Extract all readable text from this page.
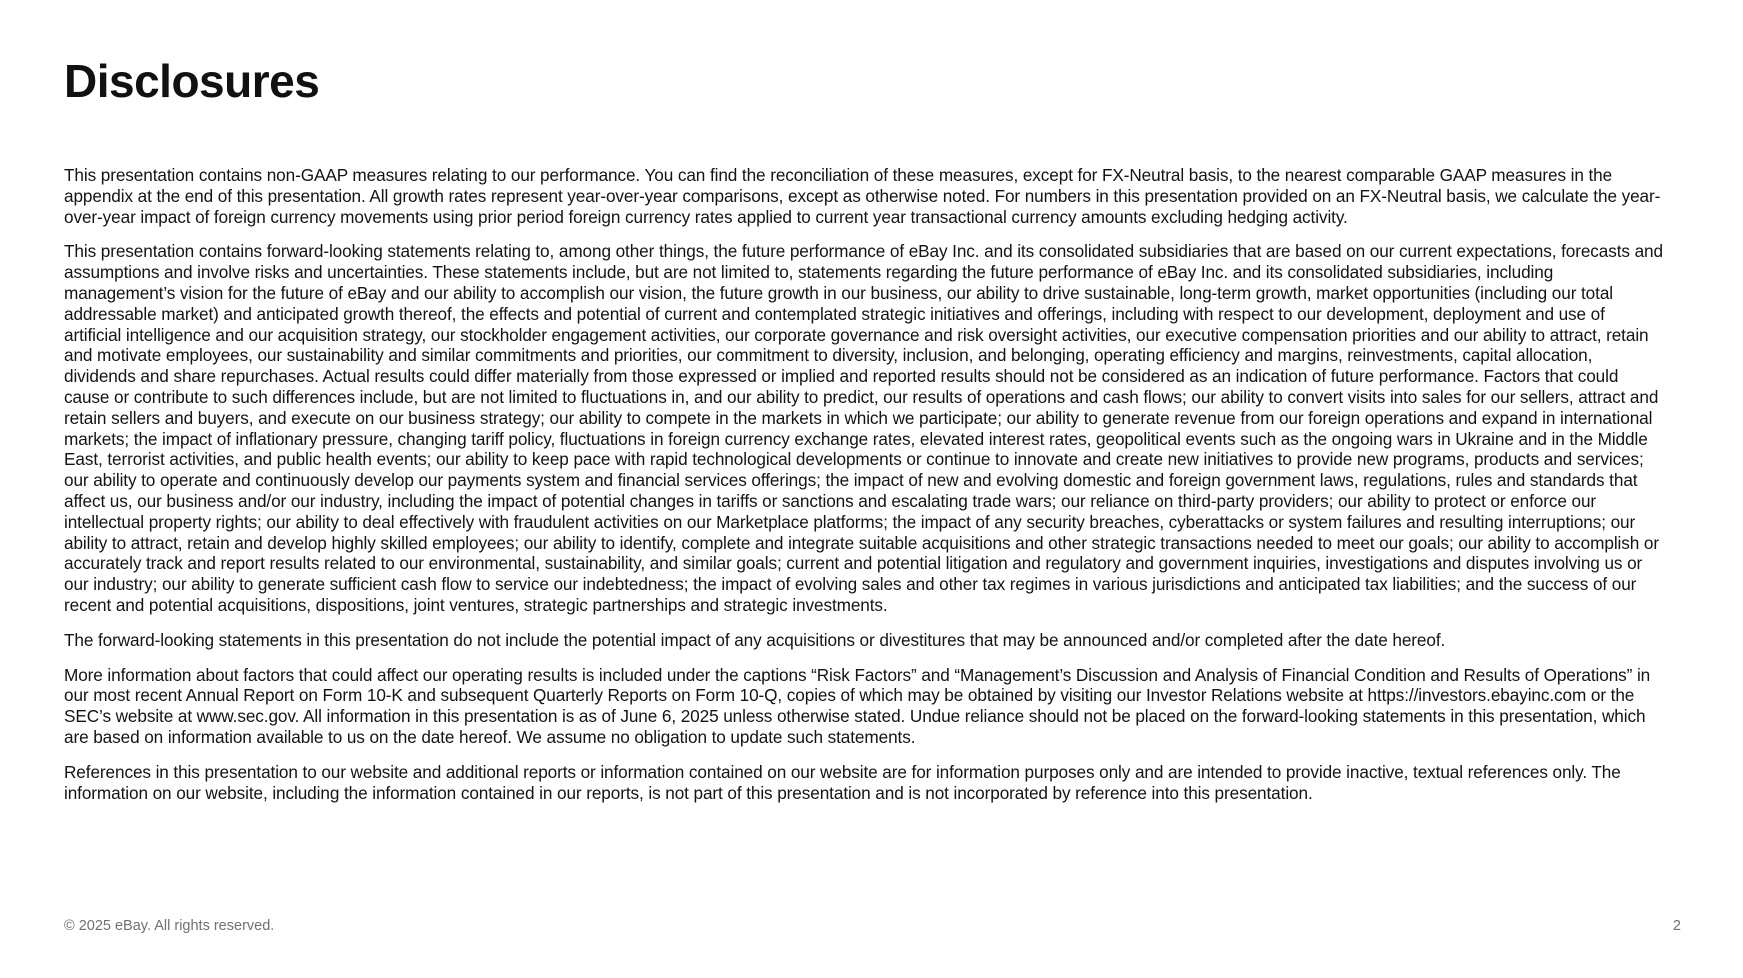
Disclosures

This presentation contains non-GAAP measures relating to our performance. You can find the reconciliation of these measures, except for FX-Neutral basis, to the nearest comparable GAAP measures in the appendix at the end of this presentation. All growth rates represent year-over-year comparisons, except as otherwise noted. For numbers in this presentation provided on an FX-Neutral basis, we calculate the year-over-year impact of foreign currency movements using prior period foreign currency rates applied to current year transactional currency amounts excluding hedging activity.

This presentation contains forward-looking statements relating to, among other things, the future performance of eBay Inc. and its consolidated subsidiaries that are based on our current expectations, forecasts and assumptions and involve risks and uncertainties. These statements include, but are not limited to, statements regarding the future performance of eBay Inc. and its consolidated subsidiaries, including management’s vision for the future of eBay and our ability to accomplish our vision, the future growth in our business, our ability to drive sustainable, long-term growth, market opportunities (including our total addressable market) and anticipated growth thereof, the effects and potential of current and contemplated strategic initiatives and offerings, including with respect to our development, deployment and use of artificial intelligence and our acquisition strategy, our stockholder engagement activities, our corporate governance and risk oversight activities, our executive compensation priorities and our ability to attract, retain and motivate employees, our sustainability and similar commitments and priorities, our commitment to diversity, inclusion, and belonging, operating efficiency and margins, reinvestments, capital allocation, dividends and share repurchases. Actual results could differ materially from those expressed or implied and reported results should not be considered as an indication of future performance. Factors that could cause or contribute to such differences include, but are not limited to fluctuations in, and our ability to predict, our results of operations and cash flows; our ability to convert visits into sales for our sellers, attract and retain sellers and buyers, and execute on our business strategy; our ability to compete in the markets in which we participate; our ability to generate revenue from our foreign operations and expand in international markets; the impact of inflationary pressure, changing tariff policy, fluctuations in foreign currency exchange rates, elevated interest rates, geopolitical events such as the ongoing wars in Ukraine and in the Middle East, terrorist activities, and public health events; our ability to keep pace with rapid technological developments or continue to innovate and create new initiatives to provide new programs, products and services; our ability to operate and continuously develop our payments system and financial services offerings; the impact of new and evolving domestic and foreign government laws, regulations, rules and standards that affect us, our business and/or our industry, including the impact of potential changes in tariffs or sanctions and escalating trade wars; our reliance on third-party providers; our ability to protect or enforce our intellectual property rights; our ability to deal effectively with fraudulent activities on our Marketplace platforms; the impact of any security breaches, cyberattacks or system failures and resulting interruptions; our ability to attract, retain and develop highly skilled employees; our ability to identify, complete and integrate suitable acquisitions and other strategic transactions needed to meet our goals; our ability to accomplish or accurately track and report results related to our environmental, sustainability, and similar goals; current and potential litigation and regulatory and government inquiries, investigations and disputes involving us or our industry; our ability to generate sufficient cash flow to service our indebtedness; the impact of evolving sales and other tax regimes in various jurisdictions and anticipated tax liabilities; and the success of our recent and potential acquisitions, dispositions, joint ventures, strategic partnerships and strategic investments.

The forward-looking statements in this presentation do not include the potential impact of any acquisitions or divestitures that may be announced and/or completed after the date hereof.

More information about factors that could affect our operating results is included under the captions “Risk Factors” and “Management’s Discussion and Analysis of Financial Condition and Results of Operations” in our most recent Annual Report on Form 10-K and subsequent Quarterly Reports on Form 10-Q, copies of which may be obtained by visiting our Investor Relations website at https://investors.ebayinc.com or the SEC’s website at www.sec.gov. All information in this presentation is as of June 6, 2025 unless otherwise stated. Undue reliance should not be placed on the forward-looking statements in this presentation, which are based on information available to us on the date hereof. We assume no obligation to update such statements.

References in this presentation to our website and additional reports or information contained on our website are for information purposes only and are intended to provide inactive, textual references only. The information on our website, including the information contained in our reports, is not part of this presentation and is not incorporated by reference into this presentation.

© 2025 eBay. All rights reserved.	2
